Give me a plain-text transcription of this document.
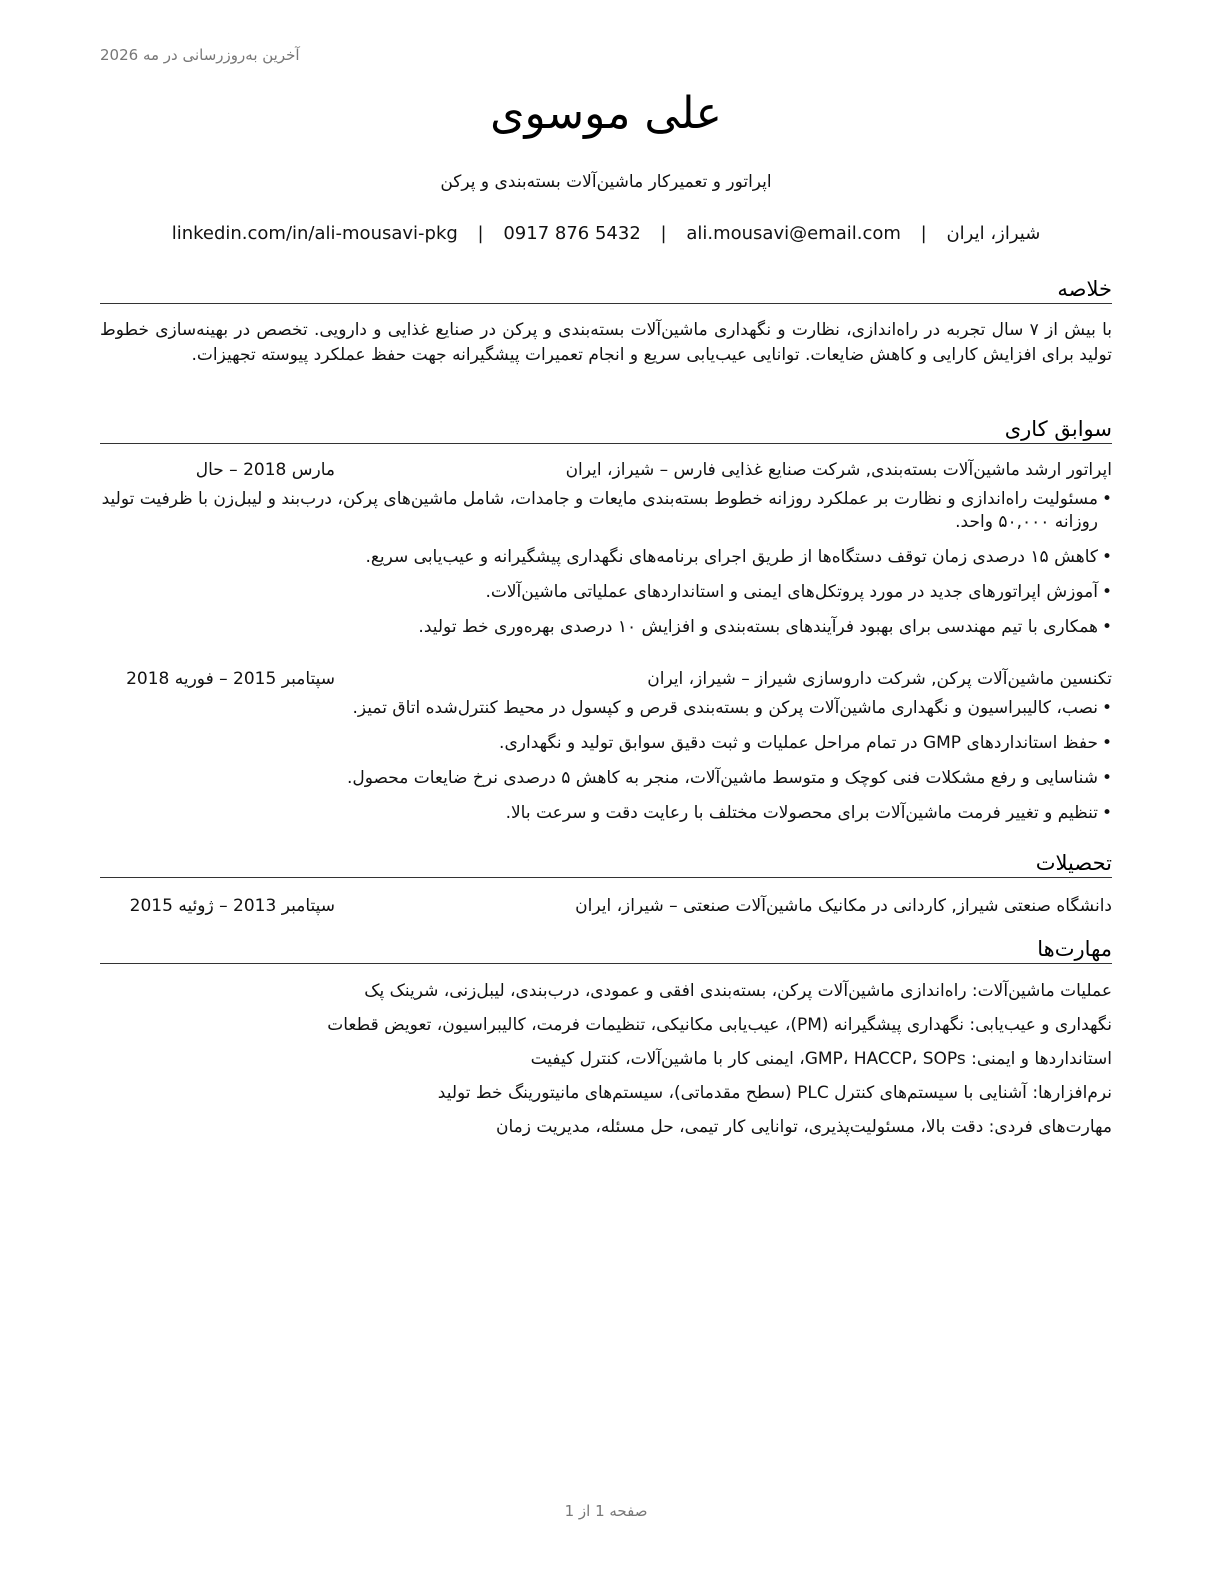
آخرین به‌روزرسانی در مه 2026
علی موسوی
اپراتور و تعمیرکار ماشین‌آلات بسته‌بندی و پرکن
شیراز، ایران | ali.mousavi@email.com | 0917 876 5432 | linkedin.com/in/ali-mousavi-pkg
خلاصه
با بیش از ۷ سال تجربه در راه‌اندازی، نظارت و نگهداری ماشین‌آلات بسته‌بندی و پرکن در صنایع غذایی و دارویی. تخصص در بهینه‌سازی خطوط تولید برای افزایش کارایی و کاهش ضایعات. توانایی عیب‌یابی سریع و انجام تعمیرات پیشگیرانه جهت حفظ عملکرد پیوسته تجهیزات.
سوابق کاری
اپراتور ارشد ماشین‌آلات بسته‌بندی, شرکت صنایع غذایی فارس – شیراز، ایران
مارس 2018 – حال
• مسئولیت راه‌اندازی و نظارت بر عملکرد روزانه خطوط بسته‌بندی مایعات و جامدات، شامل ماشین‌های پرکن، درب‌بند و لیبل‌زن با ظرفیت تولید روزانه ۵۰,۰۰۰ واحد.
• کاهش ۱۵ درصدی زمان توقف دستگاه‌ها از طریق اجرای برنامه‌های نگهداری پیشگیرانه و عیب‌یابی سریع.
• آموزش اپراتورهای جدید در مورد پروتکل‌های ایمنی و استانداردهای عملیاتی ماشین‌آلات.
• همکاری با تیم مهندسی برای بهبود فرآیندهای بسته‌بندی و افزایش ۱۰ درصدی بهره‌وری خط تولید.
تکنسین ماشین‌آلات پرکن, شرکت داروسازی شیراز – شیراز، ایران
سپتامبر 2015 – فوریه 2018
• نصب، کالیبراسیون و نگهداری ماشین‌آلات پرکن و بسته‌بندی قرص و کپسول در محیط کنترل‌شده اتاق تمیز.
• حفظ استانداردهای GMP در تمام مراحل عملیات و ثبت دقیق سوابق تولید و نگهداری.
• شناسایی و رفع مشکلات فنی کوچک و متوسط ماشین‌آلات، منجر به کاهش ۵ درصدی نرخ ضایعات محصول.
• تنظیم و تغییر فرمت ماشین‌آلات برای محصولات مختلف با رعایت دقت و سرعت بالا.
تحصیلات
دانشگاه صنعتی شیراز, کاردانی در مکانیک ماشین‌آلات صنعتی – شیراز، ایران
سپتامبر 2013 – ژوئیه 2015
مهارت‌ها
عملیات ماشین‌آلات: راه‌اندازی ماشین‌آلات پرکن، بسته‌بندی افقی و عمودی، درب‌بندی، لیبل‌زنی، شرینک پک
نگهداری و عیب‌یابی: نگهداری پیشگیرانه (PM)، عیب‌یابی مکانیکی، تنظیمات فرمت، کالیبراسیون، تعویض قطعات
استانداردها و ایمنی: GMP، HACCP، SOPs، ایمنی کار با ماشین‌آلات، کنترل کیفیت
نرم‌افزارها: آشنایی با سیستم‌های کنترل PLC (سطح مقدماتی)، سیستم‌های مانیتورینگ خط تولید
مهارت‌های فردی: دقت بالا، مسئولیت‌پذیری، توانایی کار تیمی، حل مسئله، مدیریت زمان
صفحه 1 از 1
